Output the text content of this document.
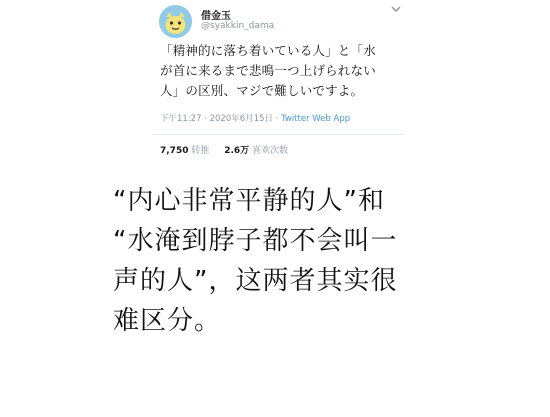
借金玉
@syakkin_dama
「精神的に落ち着いている人」と「水
が首に来るまで悲鳴一つ上げられない
人」の区別、マジで難しいですよ。
下午11:27 · 2020年6月15日 · Twitter Web App
7,750 转推 2.6万 喜欢次数
“内心非常平静的人”和
“水淹到脖子都不会叫一
声的人”，这两者其实很
难区分。
